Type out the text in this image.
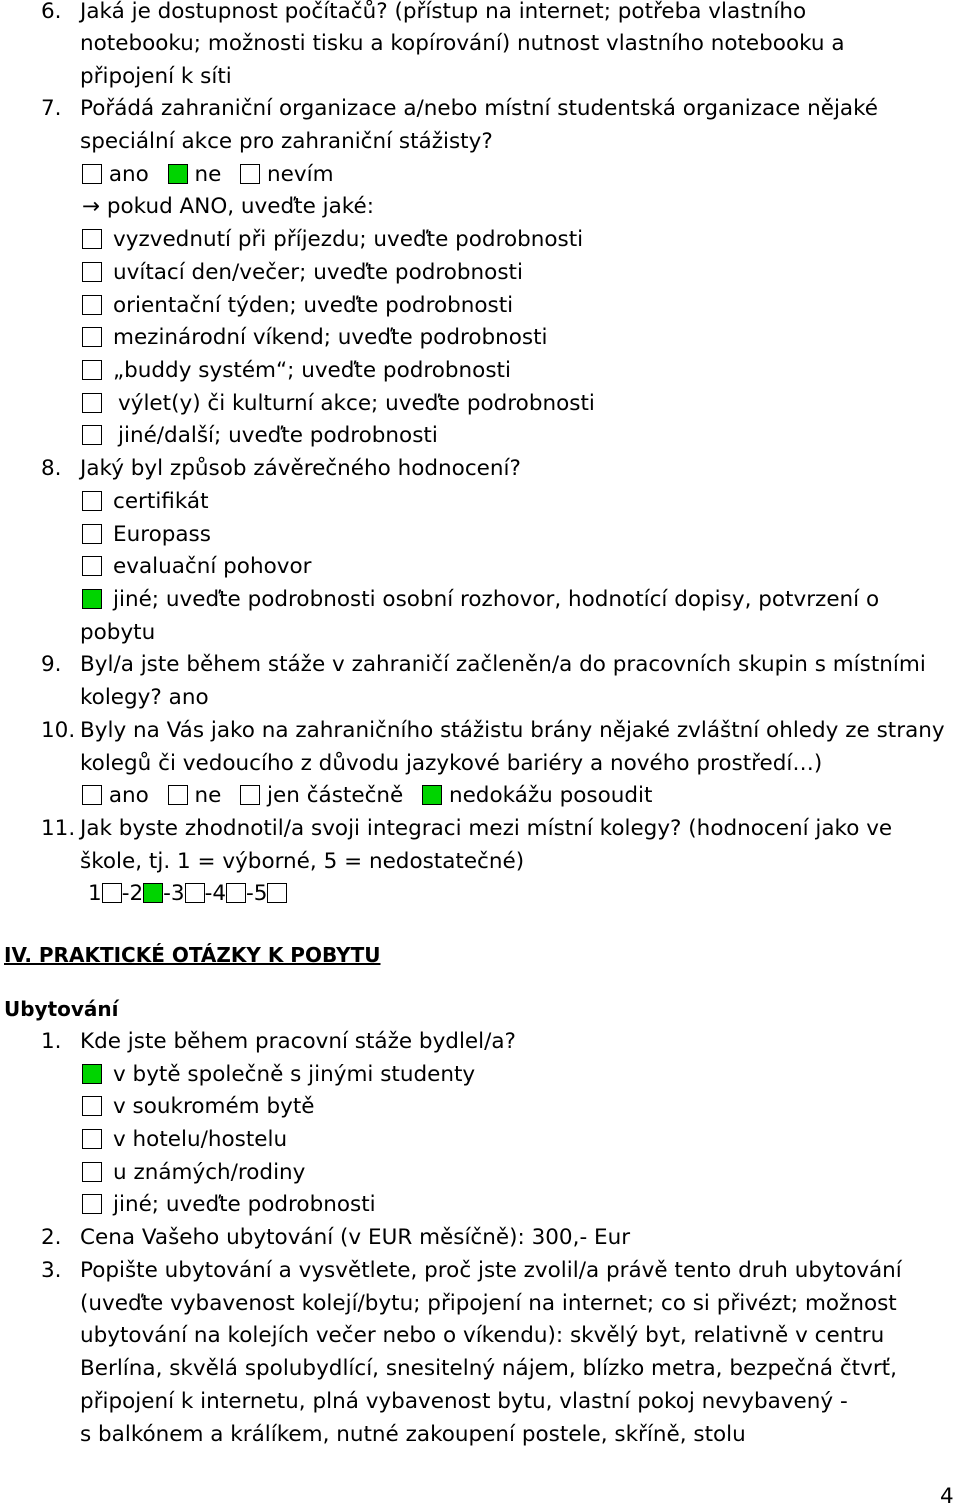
6. Jaká je dostupnost počítačů? (přístup na internet; potřeba vlastního
notebooku; možnosti tisku a kopírování) nutnost vlastního notebooku a
připojení k síti
7. Pořádá zahraniční organizace a/nebo místní studentská organizace nějaké
speciální akce pro zahraniční stážisty?
ano ne nevím
→ pokud ANO, uveďte jaké:
vyzvednutí při příjezdu; uveďte podrobnosti
uvítací den/večer; uveďte podrobnosti
orientační týden; uveďte podrobnosti
mezinárodní víkend; uveďte podrobnosti
„buddy systém“; uveďte podrobnosti
výlet(y) či kulturní akce; uveďte podrobnosti
jiné/další; uveďte podrobnosti
8. Jaký byl způsob závěrečného hodnocení?
certifikát
Europass
evaluační pohovor
jiné; uveďte podrobnosti osobní rozhovor, hodnotící dopisy, potvrzení o
pobytu
9. Byl/a jste během stáže v zahraničí začleněn/a do pracovních skupin s místními
kolegy? ano
10. Byly na Vás jako na zahraničního stážistu brány nějaké zvláštní ohledy ze strany
kolegů či vedoucího z důvodu jazykové bariéry a nového prostředí…)
ano ne jen částečně nedokážu posoudit
11. Jak byste zhodnotil/a svoji integraci mezi místní kolegy? (hodnocení jako ve
škole, tj. 1 = výborné, 5 = nedostatečné)
1 -2 -3 -4 -5
IV. PRAKTICKÉ OTÁZKY K POBYTU
Ubytování
1. Kde jste během pracovní stáže bydlel/a?
v bytě společně s jinými studenty
v soukromém bytě
v hotelu/hostelu
u známých/rodiny
jiné; uveďte podrobnosti
2. Cena Vašeho ubytování (v EUR měsíčně): 300,- Eur
3. Popište ubytování a vysvětlete, proč jste zvolil/a právě tento druh ubytování
(uveďte vybavenost kolejí/bytu; připojení na internet; co si přivézt; možnost
ubytování na kolejích večer nebo o víkendu): skvělý byt, relativně v centru
Berlína, skvělá spolubydlící, snesitelný nájem, blízko metra, bezpečná čtvrť,
připojení k internetu, plná vybavenost bytu, vlastní pokoj nevybavený -
s balkónem a králíkem, nutné zakoupení postele, skříně, stolu
4
